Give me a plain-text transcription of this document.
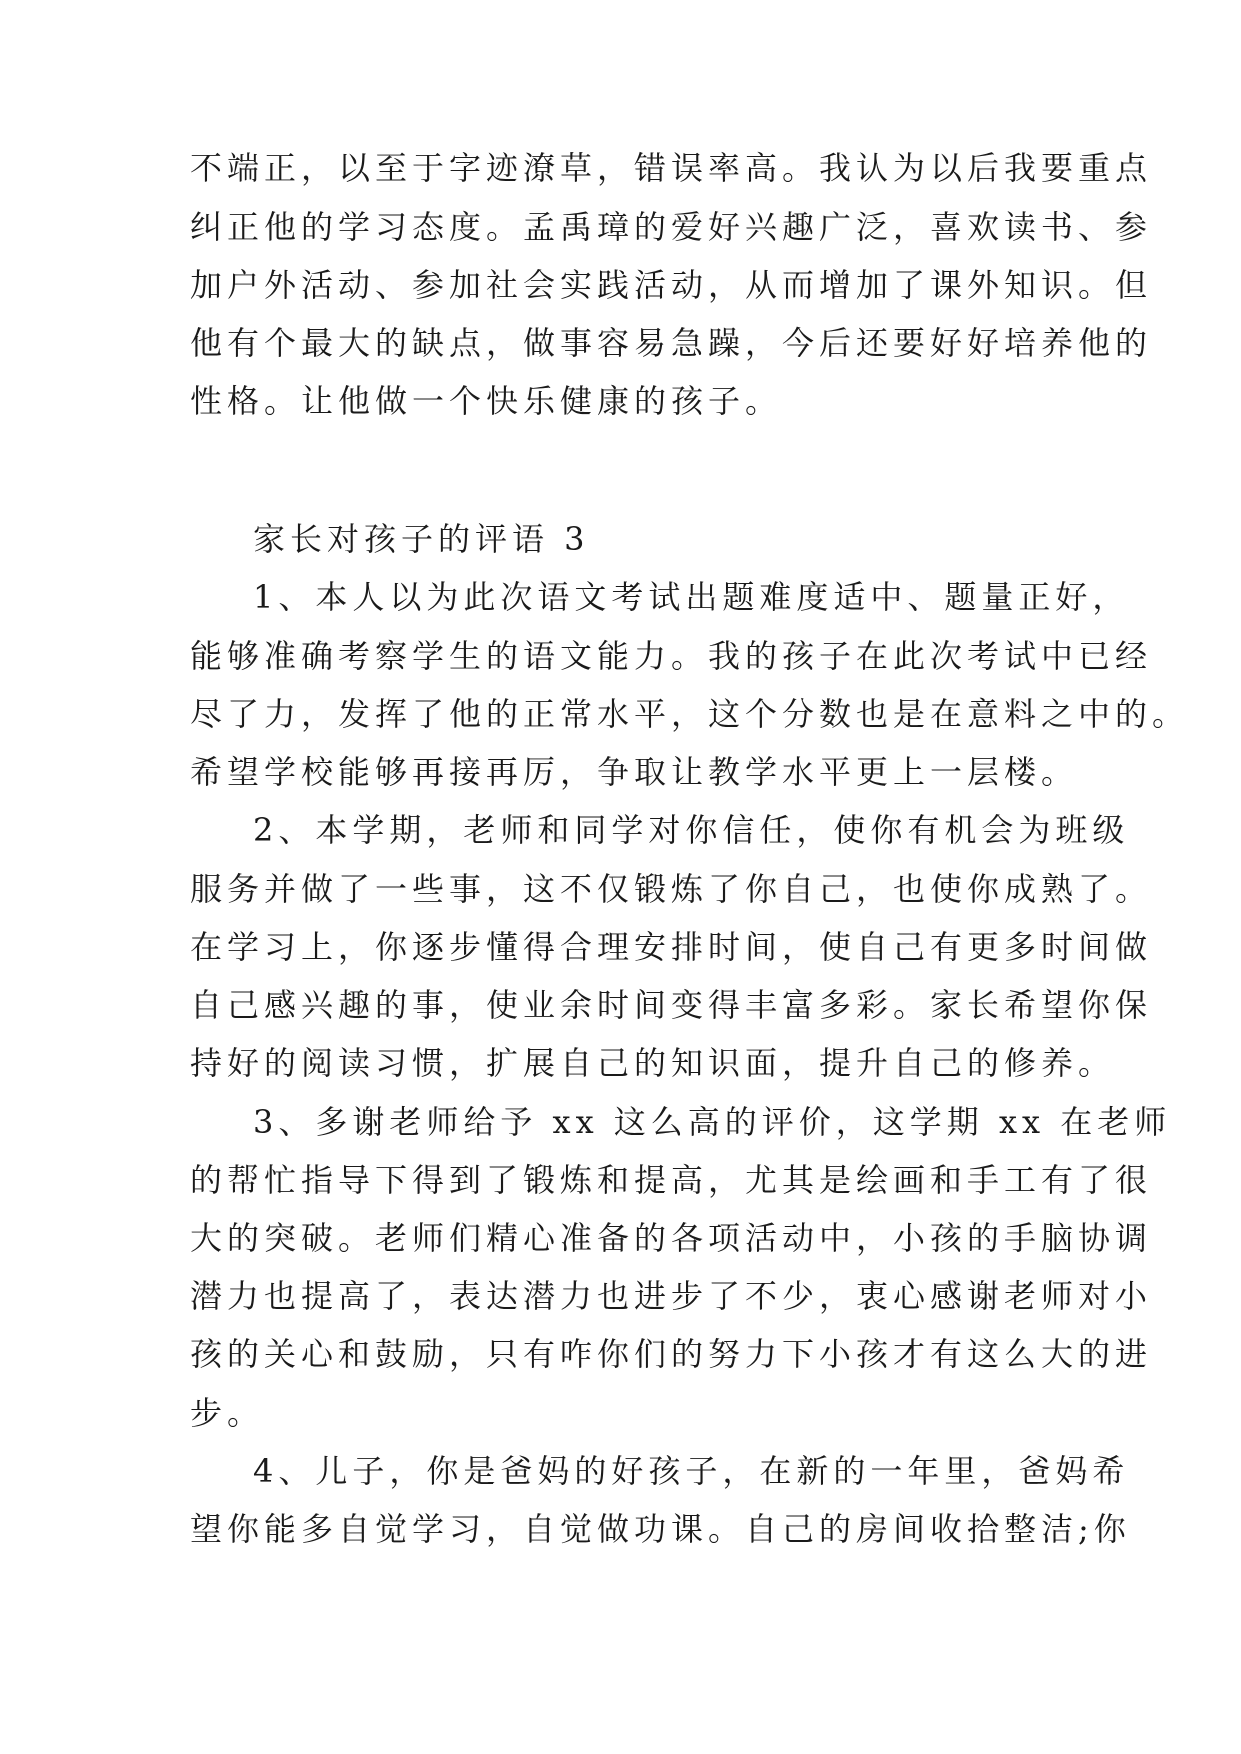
不端正，以至于字迹潦草，错误率高。我认为以后我要重点
纠正他的学习态度。孟禹璋的爱好兴趣广泛，喜欢读书、参
加户外活动、参加社会实践活动，从而增加了课外知识。但
他有个最大的缺点，做事容易急躁，今后还要好好培养他的
性格。让他做一个快乐健康的孩子。
家长对孩子的评语 3
1、本人以为此次语文考试出题难度适中、题量正好，
能够准确考察学生的语文能力。我的孩子在此次考试中已经
尽了力，发挥了他的正常水平，这个分数也是在意料之中的。
希望学校能够再接再厉，争取让教学水平更上一层楼。
2、本学期，老师和同学对你信任，使你有机会为班级
服务并做了一些事，这不仅锻炼了你自己，也使你成熟了。
在学习上，你逐步懂得合理安排时间，使自己有更多时间做
自己感兴趣的事，使业余时间变得丰富多彩。家长希望你保
持好的阅读习惯，扩展自己的知识面，提升自己的修养。
3、多谢老师给予 xx 这么高的评价，这学期 xx 在老师
的帮忙指导下得到了锻炼和提高，尤其是绘画和手工有了很
大的突破。老师们精心准备的各项活动中，小孩的手脑协调
潜力也提高了，表达潜力也进步了不少，衷心感谢老师对小
孩的关心和鼓励，只有咋你们的努力下小孩才有这么大的进
步。
4、儿子，你是爸妈的好孩子，在新的一年里，爸妈希
望你能多自觉学习，自觉做功课。自己的房间收拾整洁;你
